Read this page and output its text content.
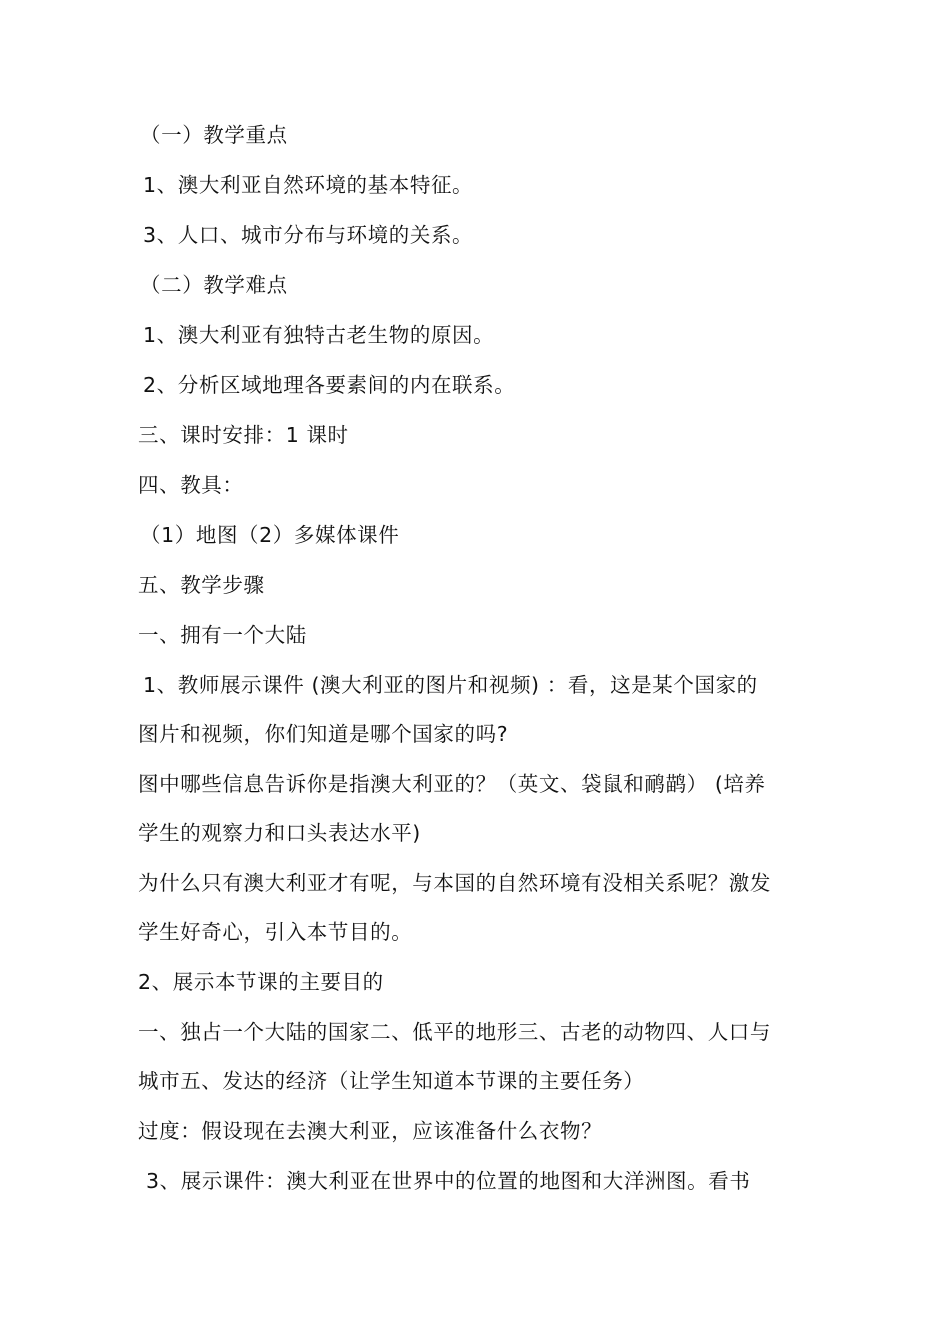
（一）教学重点
1、澳大利亚自然环境的基本特征。
3、人口、城市分布与环境的关系。
（二）教学难点
1、澳大利亚有独特古老生物的原因。
2、分析区域地理各要素间的内在联系。
三、课时安排：1 课时
四、教具：
（1）地图（2）多媒体课件
五、教学步骤
一、拥有一个大陆
1、教师展示课件 (澳大利亚的图片和视频) ：看，这是某个国家的
图片和视频，你们知道是哪个国家的吗?
图中哪些信息告诉你是指澳大利亚的？（英文、袋鼠和鸸鹋） (培养
学生的观察力和口头表达水平)
为什么只有澳大利亚才有呢，与本国的自然环境有没相关系呢？激发
学生好奇心，引入本节目的。
2、展示本节课的主要目的
一、独占一个大陆的国家二、低平的地形三、古老的动物四、人口与
城市五、发达的经济（让学生知道本节课的主要任务）
过度：假设现在去澳大利亚，应该准备什么衣物？
3、展示课件：澳大利亚在世界中的位置的地图和大洋洲图。看书
